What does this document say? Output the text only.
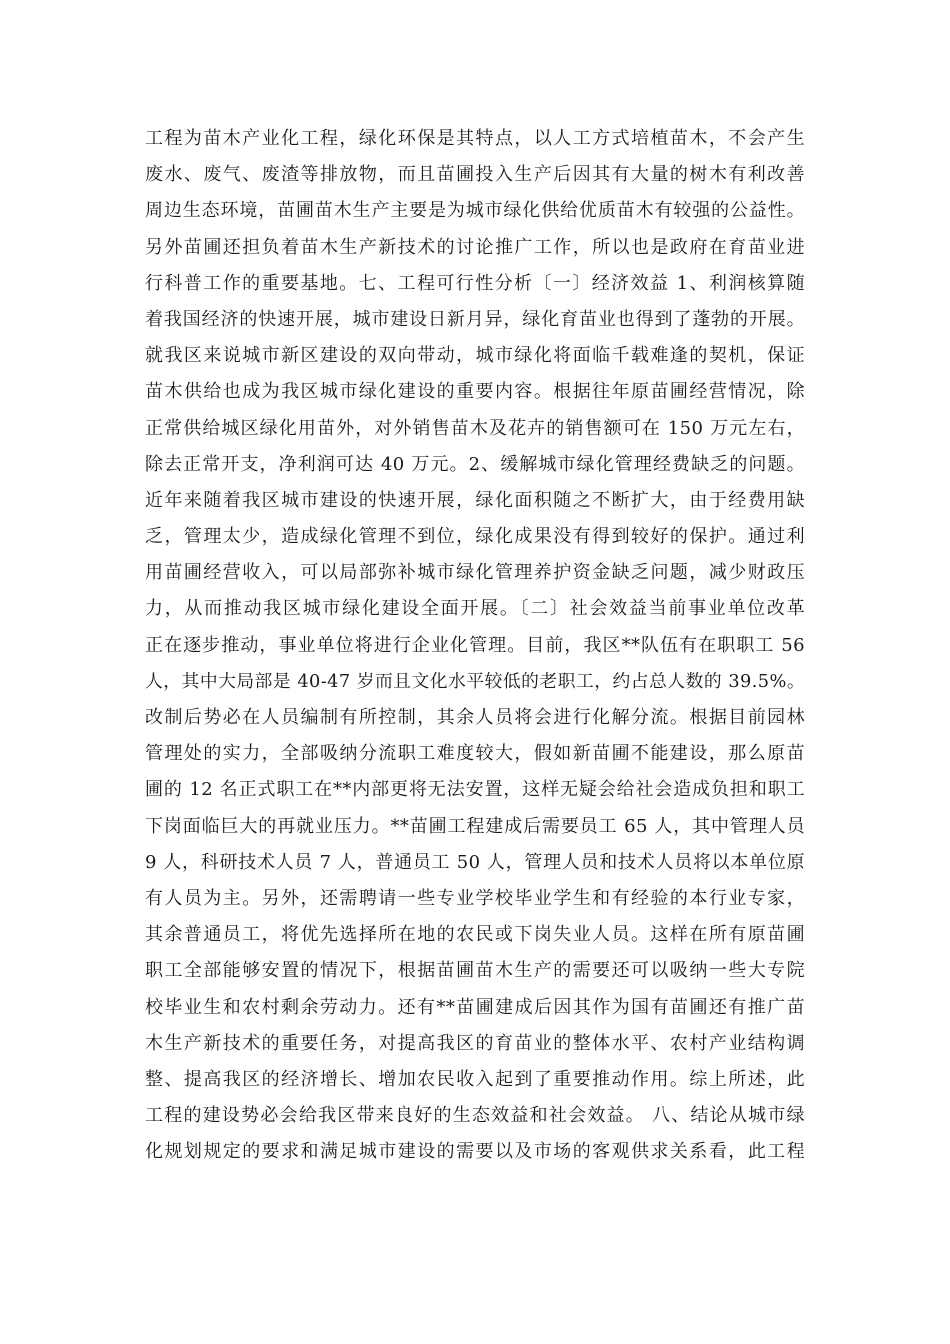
工程为苗木产业化工程，绿化环保是其特点，以人工方式培植苗木，不会产生
废水、废气、废渣等排放物，而且苗圃投入生产后因其有大量的树木有利改善
周边生态环境，苗圃苗木生产主要是为城市绿化供给优质苗木有较强的公益性。
另外苗圃还担负着苗木生产新技术的讨论推广工作，所以也是政府在育苗业进
行科普工作的重要基地。七、工程可行性分析〔一〕经济效益 1、利润核算随
着我国经济的快速开展，城市建设日新月异，绿化育苗业也得到了蓬勃的开展。
就我区来说城市新区建设的双向带动，城市绿化将面临千载难逢的契机，保证
苗木供给也成为我区城市绿化建设的重要内容。根据往年原苗圃经营情况，除
正常供给城区绿化用苗外，对外销售苗木及花卉的销售额可在 150 万元左右，
除去正常开支，净利润可达 40 万元。2、缓解城市绿化管理经费缺乏的问题。
近年来随着我区城市建设的快速开展，绿化面积随之不断扩大，由于经费用缺
乏，管理太少，造成绿化管理不到位，绿化成果没有得到较好的保护。通过利
用苗圃经营收入，可以局部弥补城市绿化管理养护资金缺乏问题，减少财政压
力，从而推动我区城市绿化建设全面开展。〔二〕社会效益当前事业单位改革
正在逐步推动，事业单位将进行企业化管理。目前，我区**队伍有在职职工 56
人，其中大局部是 40-47 岁而且文化水平较低的老职工，约占总人数的 39.5%。
改制后势必在人员编制有所控制，其余人员将会进行化解分流。根据目前园林
管理处的实力，全部吸纳分流职工难度较大，假如新苗圃不能建设，那么原苗
圃的 12 名正式职工在**内部更将无法安置，这样无疑会给社会造成负担和职工
下岗面临巨大的再就业压力。**苗圃工程建成后需要员工 65 人，其中管理人员
9 人，科研技术人员 7 人，普通员工 50 人，管理人员和技术人员将以本单位原
有人员为主。另外，还需聘请一些专业学校毕业学生和有经验的本行业专家，
其余普通员工，将优先选择所在地的农民或下岗失业人员。这样在所有原苗圃
职工全部能够安置的情况下，根据苗圃苗木生产的需要还可以吸纳一些大专院
校毕业生和农村剩余劳动力。还有**苗圃建成后因其作为国有苗圃还有推广苗
木生产新技术的重要任务，对提高我区的育苗业的整体水平、农村产业结构调
整、提高我区的经济增长、增加农民收入起到了重要推动作用。综上所述，此
工程的建设势必会给我区带来良好的生态效益和社会效益。 八、结论从城市绿
化规划规定的要求和满足城市建设的需要以及市场的客观供求关系看，此工程
